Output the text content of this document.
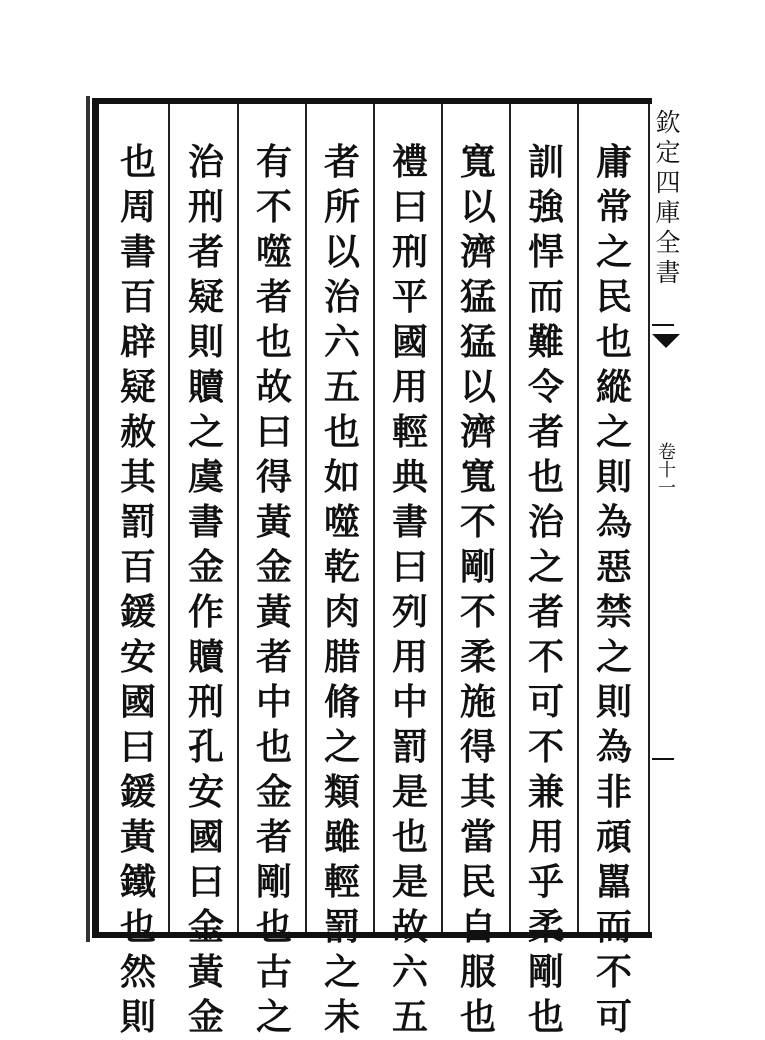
庸
常
之
民
也
縱
之
則
為
惡
禁
之
則
為
非
頑
嚚
而
不
可
訓
強
悍
而
難
令
者
也
治
之
者
不
可
不
兼
用
乎
柔
剛
也
寬
以
濟
猛
猛
以
濟
寬
不
剛
不
柔
施
得
其
當
民
自
服
也
禮
曰
刑
平
國
用
輕
典
書
曰
列
用
中
罰
是
也
是
故
六
五
者
所
以
治
六
五
也
如
噬
乾
肉
腊
脩
之
類
雖
輕
罰
之
未
有
不
噬
者
也
故
曰
得
黃
金
黃
者
中
也
金
者
剛
也
古
之
治
刑
者
疑
則
贖
之
虞
書
金
作
贖
刑
孔
安
國
曰
金
黃
金
也
周
書
百
辟
疑
赦
其
罰
百
鍰
安
國
曰
鍰
黃
鐵
也
然
則
欽
定
四
庫
全
書
卷十一
